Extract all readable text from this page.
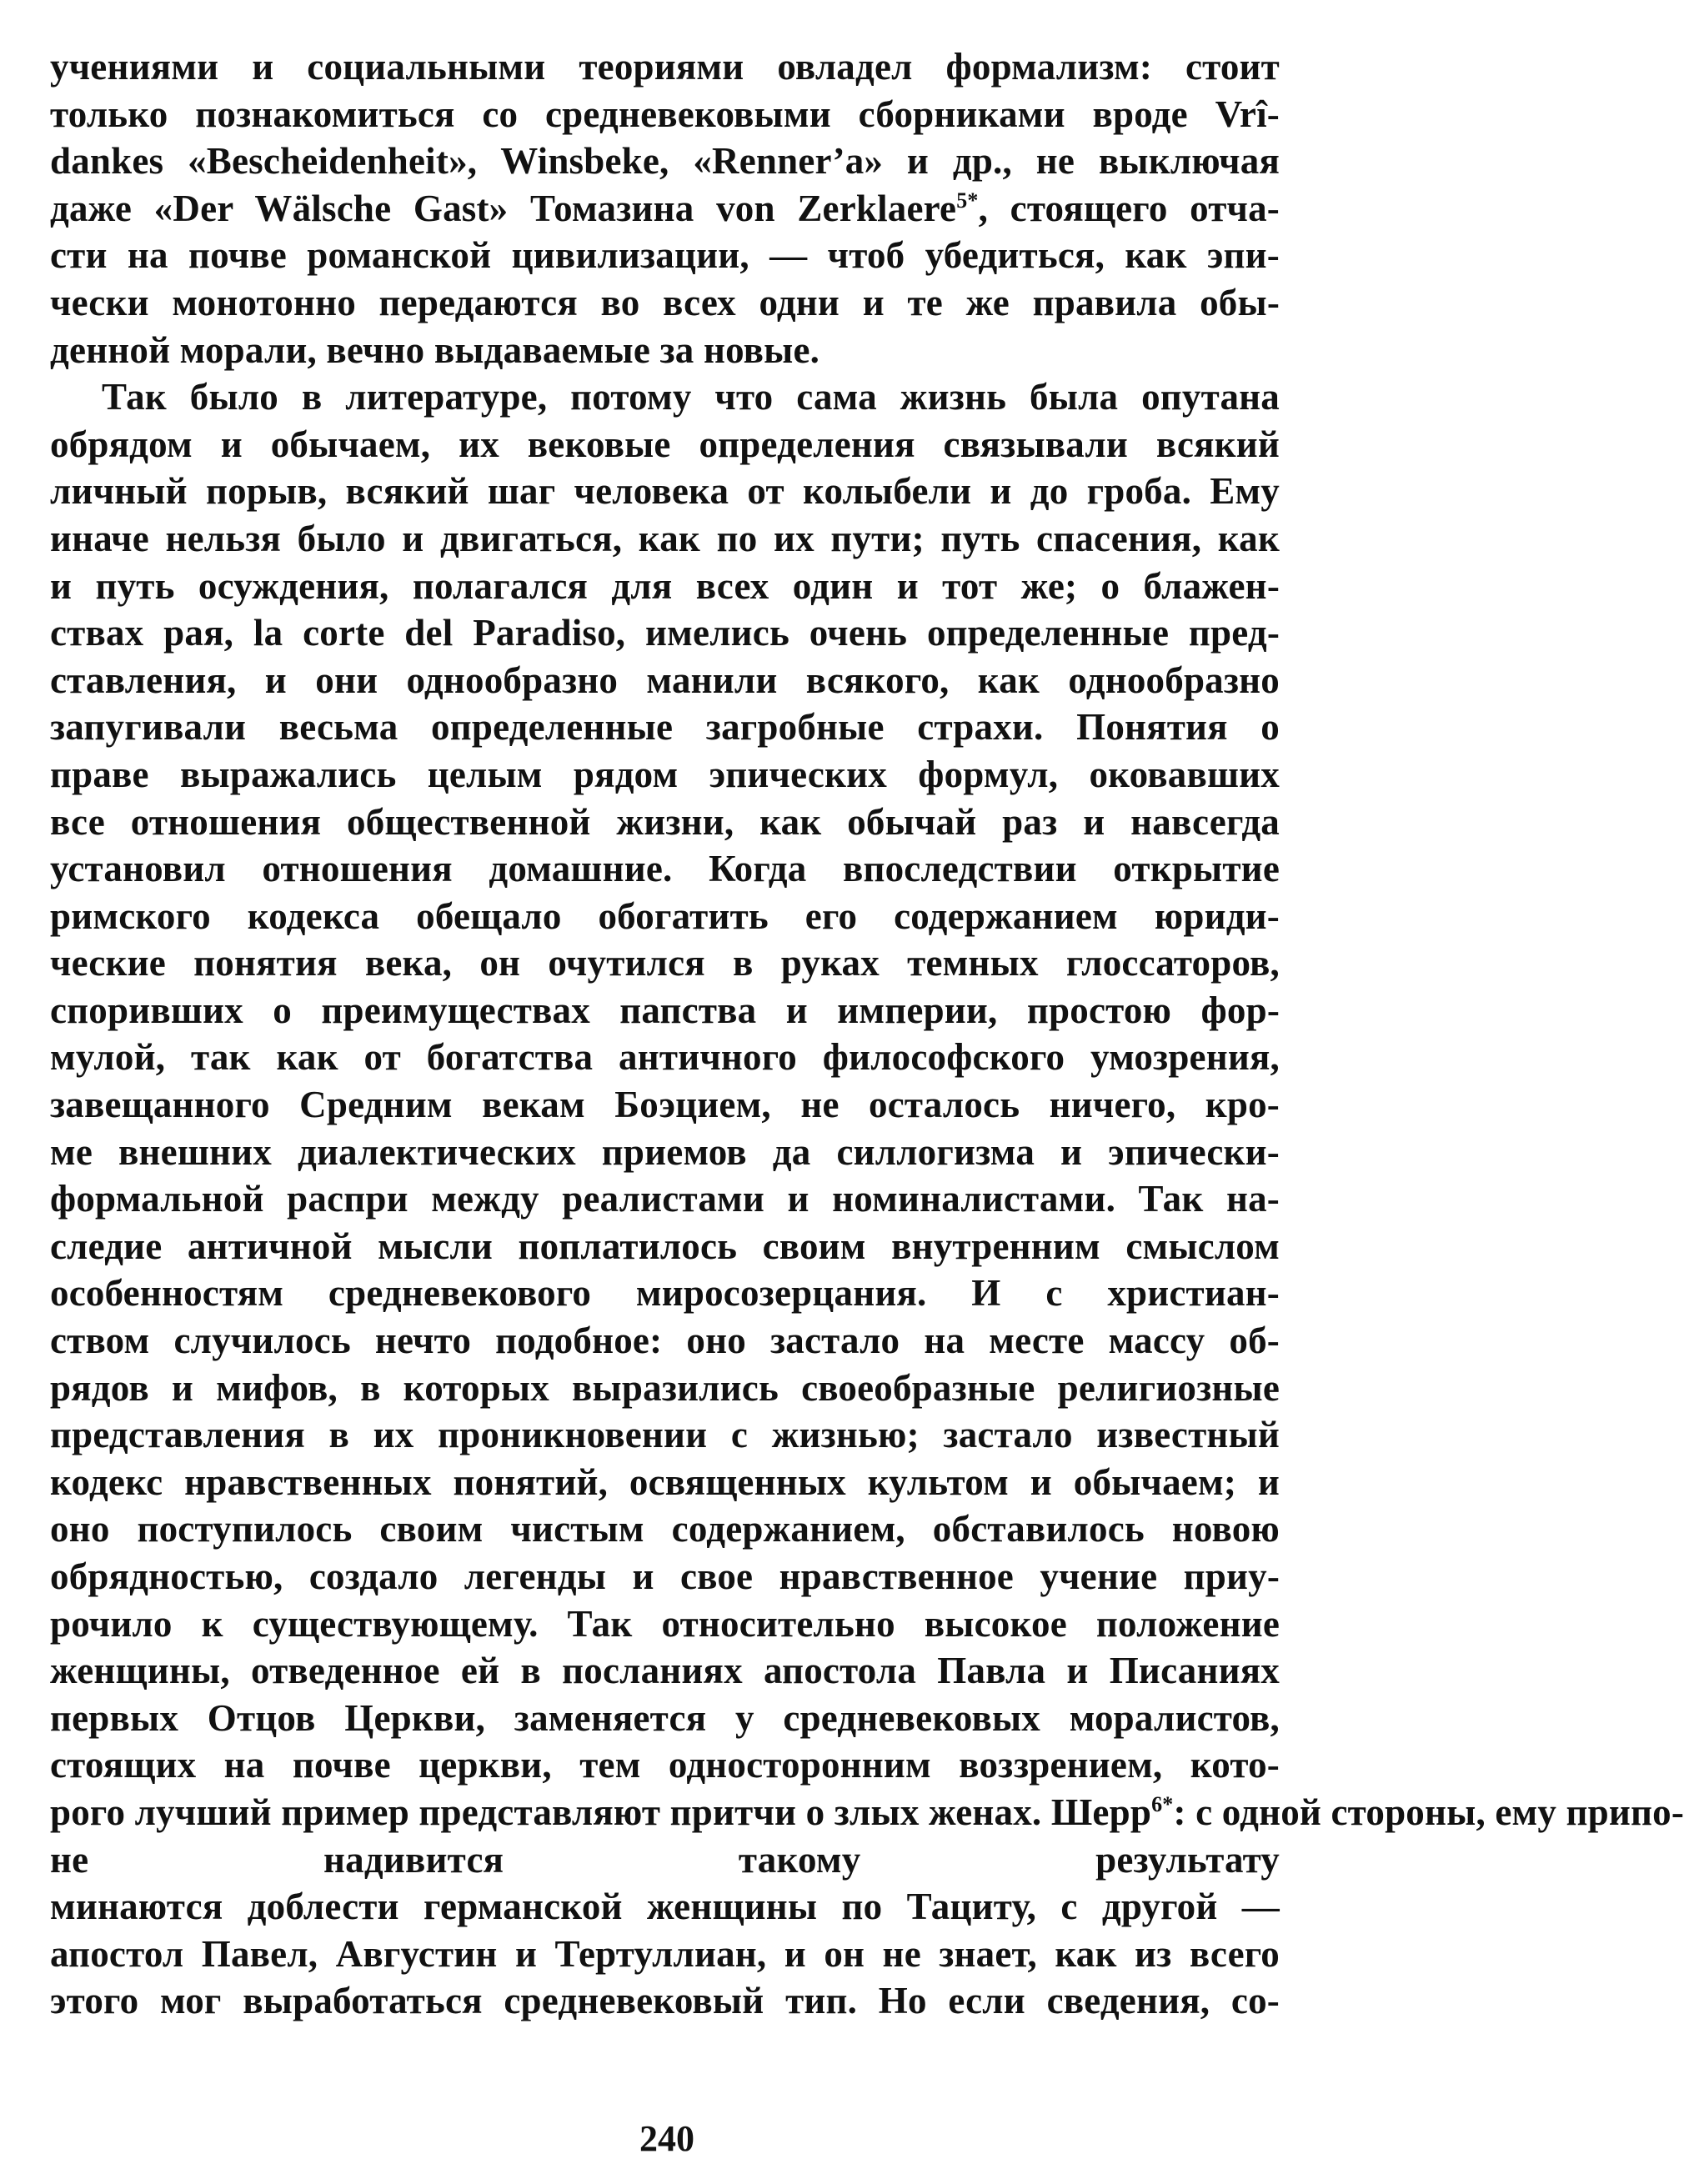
учениями и социальными теориями овладел формализм: стоит
только познакомиться со средневековыми сборниками вроде Vrî-
dankes «Bescheidenheit», Winsbeke, «Renner’a» и др., не выключая
даже «Der Wälsche Gast» Томазина von Zerklaere$^{5*}$, стоящего отча-
сти на почве романской цивилизации, — чтоб убедиться, как эпи-
чески монотонно передаются во всех одни и те же правила обы-
денной морали, вечно выдаваемые за новые.
Так было в литературе, потому что сама жизнь была опутана
обрядом и обычаем, их вековые определения связывали всякий
личный порыв, всякий шаг человека от колыбели и до гроба. Ему
иначе нельзя было и двигаться, как по их пути; путь спасения, как
и путь осуждения, полагался для всех один и тот же; о блажен-
ствах рая, la corte del Paradiso, имелись очень определенные пред-
ставления, и они однообразно манили всякого, как однообразно
запугивали весьма определенные загробные страхи. Понятия о
праве выражались целым рядом эпических формул, оковавших
все отношения общественной жизни, как обычай раз и навсегда
установил отношения домашние. Когда впоследствии открытие
римского кодекса обещало обогатить его содержанием юриди-
ческие понятия века, он очутился в руках темных глоссаторов,
споривших о преимуществах папства и империи, простою фор-
мулой, так как от богатства античного философского умозрения,
завещанного Средним векам Боэцием, не осталось ничего, кро-
ме внешних диалектических приемов да силлогизма и эпически-
формальной распри между реалистами и номиналистами. Так на-
следие античной мысли поплатилось своим внутренним смыслом
особенностям средневекового миросозерцания. И с христиан-
ством случилось нечто подобное: оно застало на месте массу об-
рядов и мифов, в которых выразились своеобразные религиозные
представления в их проникновении с жизнью; застало известный
кодекс нравственных понятий, освященных культом и обычаем; и
оно поступилось своим чистым содержанием, обставилось новою
обрядностью, создало легенды и свое нравственное учение приу-
рочило к существующему. Так относительно высокое положение
женщины, отведенное ей в посланиях апостола Павла и Писаниях
первых Отцов Церкви, заменяется у средневековых моралистов,
стоящих на почве церкви, тем односторонним воззрением, кото-
рого лучший пример представляют притчи о злых женах. Шерр$^{6*}$: с одной стороны, ему припо-
не надивится такому результату
минаются доблести германской женщины по Тациту, с другой —
апостол Павел, Августин и Тертуллиан, и он не знает, как из всего
этого мог выработаться средневековый тип. Но если сведения, со-
240
